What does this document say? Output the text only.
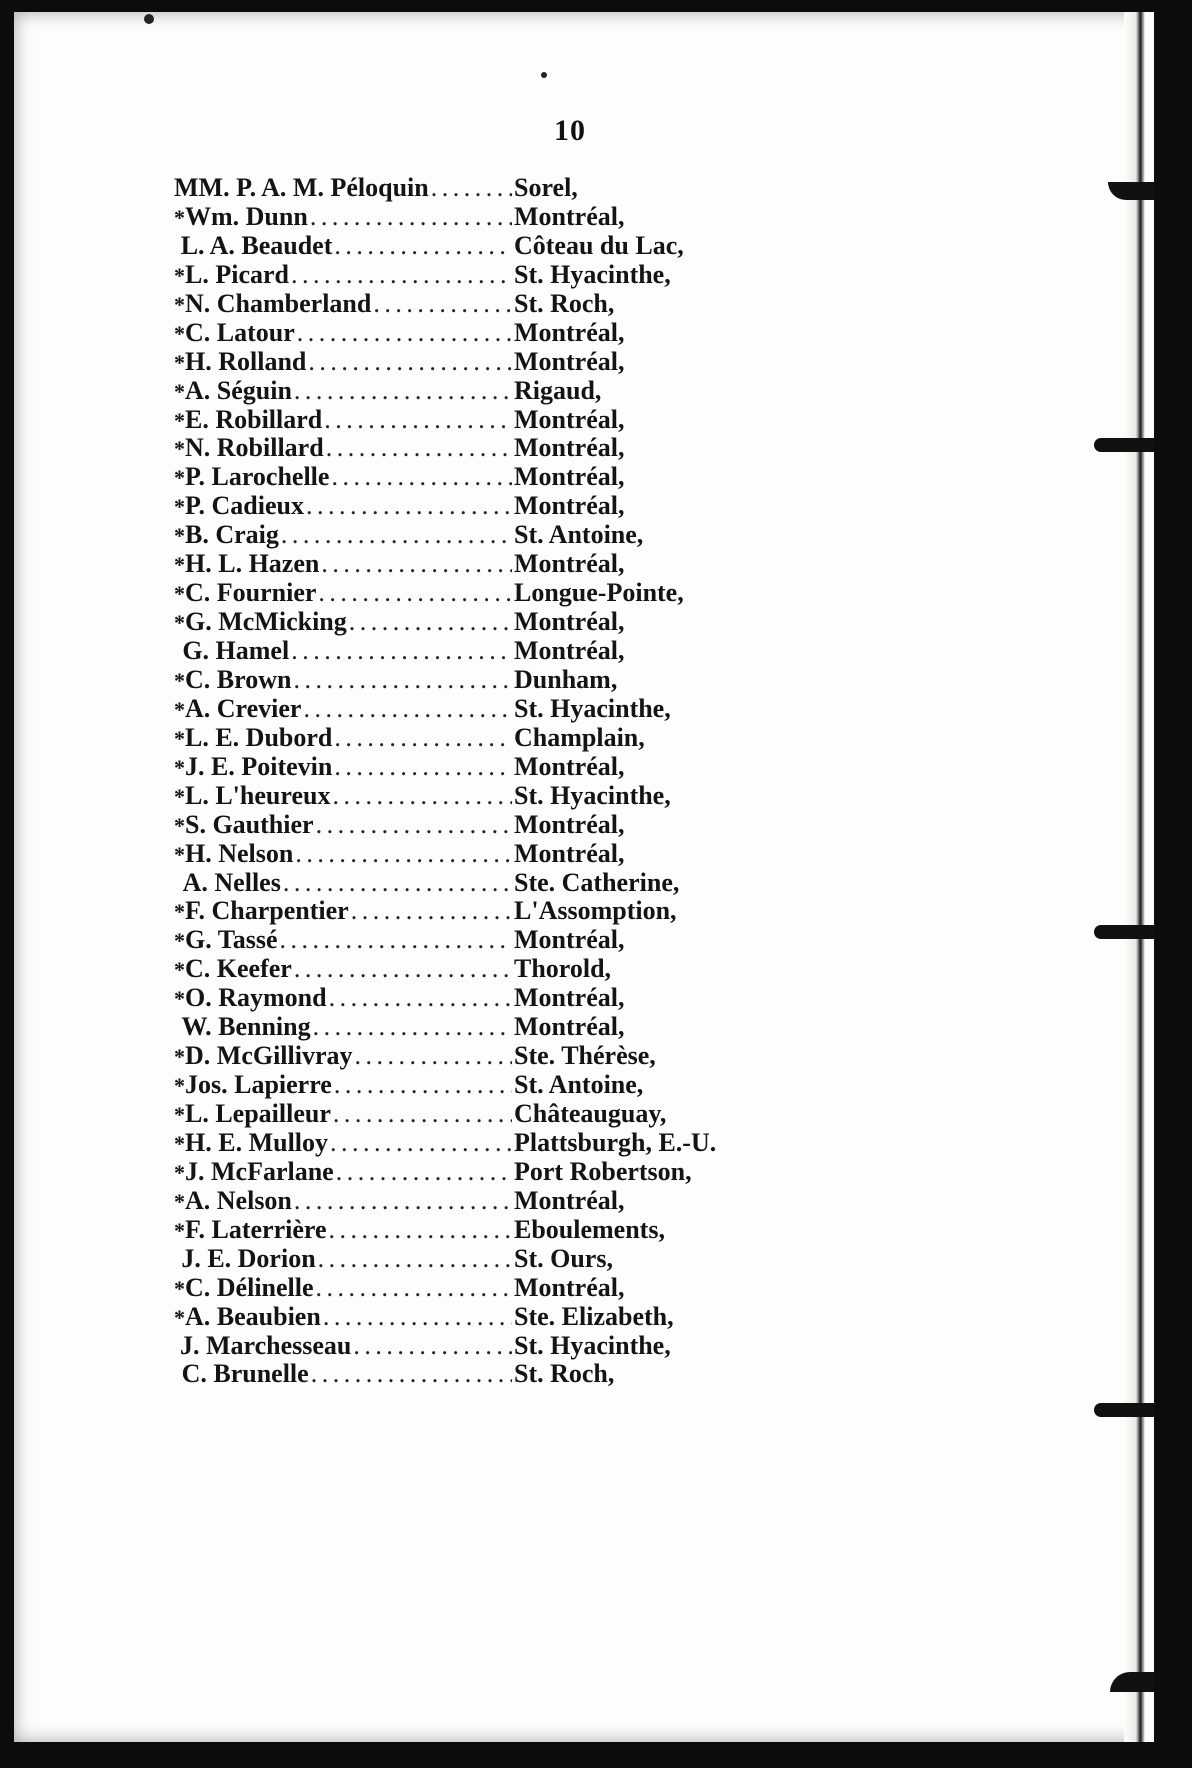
10
MM. P. A. M. Péloquin . . .	Sorel,
* Wm. Dunn . . .	Montréal,
L. A. Beaudet . . .	Côteau du Lac,
* L. Picard . . .	St. Hyacinthe,
* N. Chamberland . . .	St. Roch,
* C. Latour . . .	Montréal,
* H. Rolland . . .	Montréal,
* A. Séguin . . .	Rigaud,
* E. Robillard . . .	Montréal,
* N. Robillard . . .	Montréal,
* P. Larochelle . . .	Montréal,
* P. Cadieux . . .	Montréal,
* B. Craig . . .	St. Antoine,
* H. L. Hazen . . .	Montréal,
* C. Fournier . . .	Longue-Pointe,
* G. McMicking . . .	Montréal,
G. Hamel . . .	Montréal,
* C. Brown . . .	Dunham,
* A. Crevier . . .	St. Hyacinthe,
* L. E. Dubord . . .	Champlain,
* J. E. Poitevin . . .	Montréal,
* L. L'heureux . . .	St. Hyacinthe,
* S. Gauthier . . .	Montréal,
* H. Nelson . . .	Montréal,
A. Nelles . . .	Ste. Catherine,
* F. Charpentier . . .	L'Assomption,
* G. Tassé . . .	Montréal,
* C. Keefer . . .	Thorold,
* O. Raymond . . .	Montréal,
W. Benning . . .	Montréal,
* D. McGillivray . . .	Ste. Thérèse,
* Jos. Lapierre . . .	St. Antoine,
* L. Lepailleur . . .	Châteauguay,
* H. E. Mulloy . . .	Plattsburgh, E.-U.
* J. McFarlane . . .	Port Robertson,
* A. Nelson . . .	Montréal,
* F. Laterrière . . .	Eboulements,
J. E. Dorion . . .	St. Ours,
* C. Délinelle . . .	Montréal,
* A. Beaubien . . .	Ste. Elizabeth,
J. Marchesseau . . .	St. Hyacinthe,
C. Brunelle . . .	St. Roch,
